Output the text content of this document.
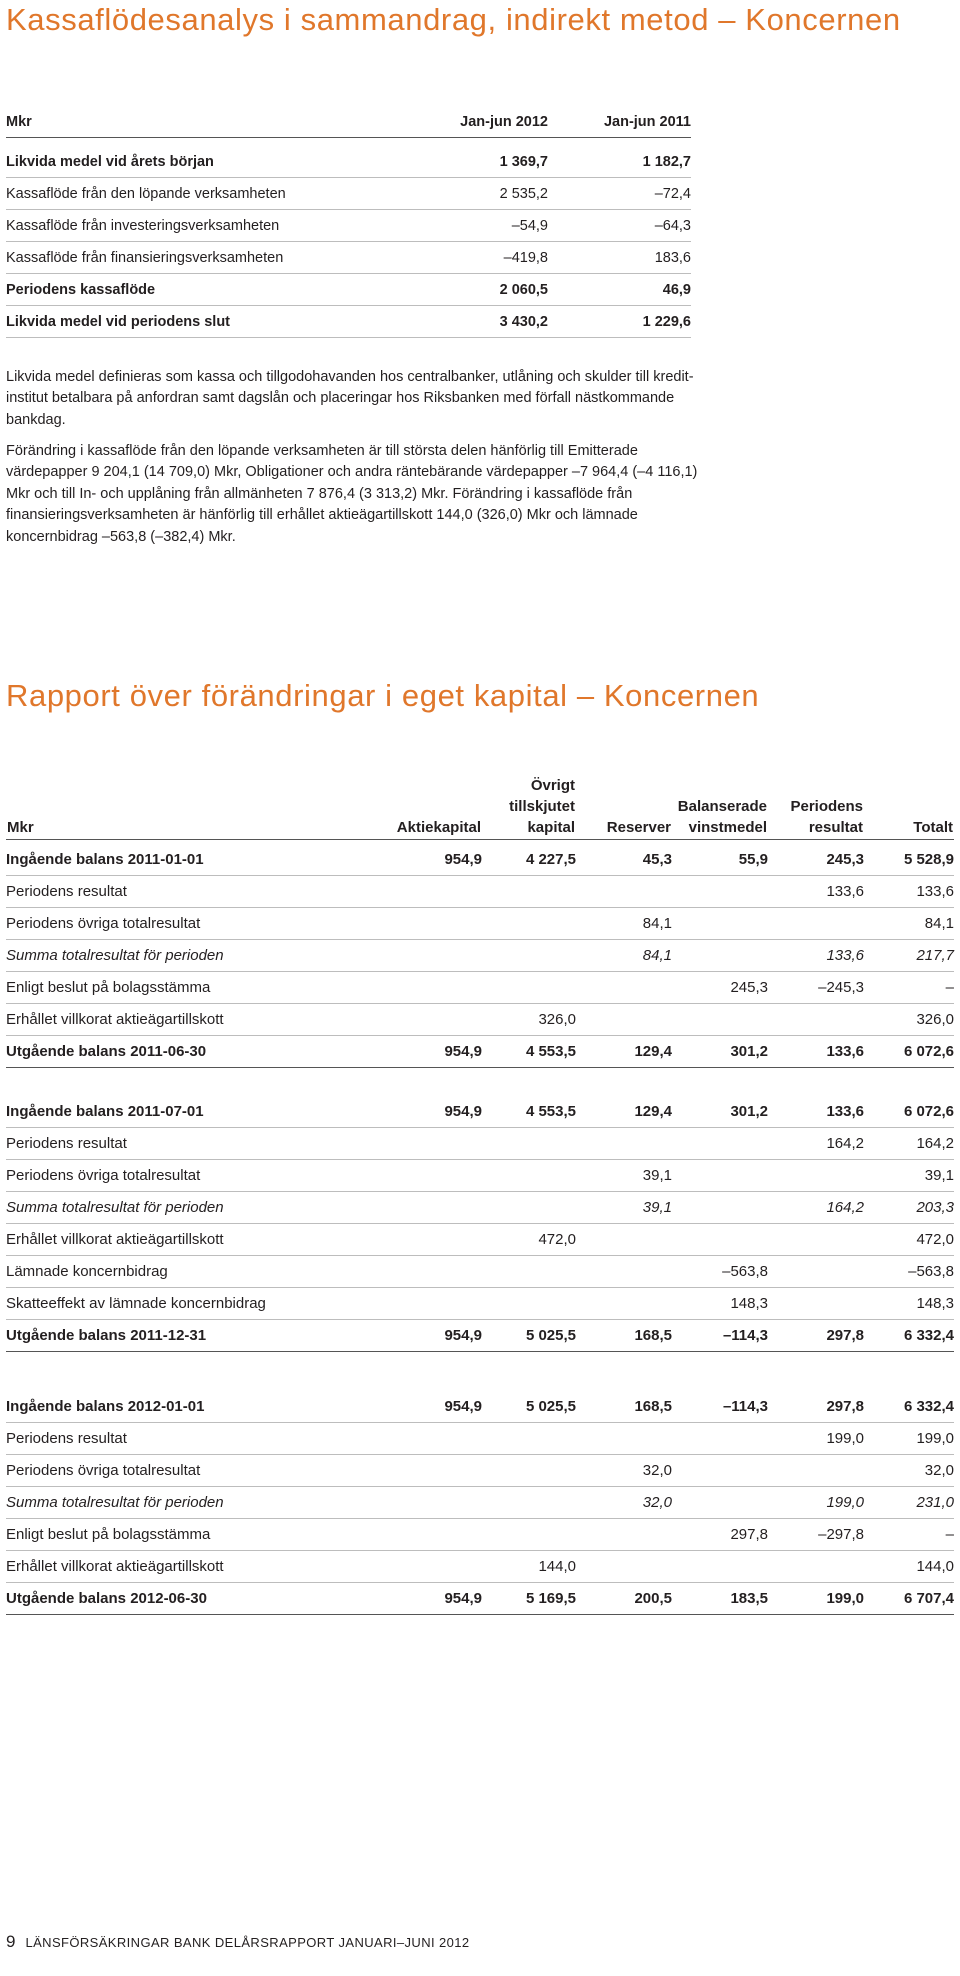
Kassaflödesanalys i sammandrag, indirekt metod – Koncernen
Mkr	Jan-jun 2012	Jan-jun 2011
Likvida medel vid årets början	1 369,7	1 182,7
Kassaflöde från den löpande verksamheten	2 535,2	–72,4
Kassaflöde från investeringsverksamheten	–54,9	–64,3
Kassaflöde från finansieringsverksamheten	–419,8	183,6
Periodens kassaflöde	2 060,5	46,9
Likvida medel vid periodens slut	3 430,2	1 229,6

Likvida medel definieras som kassa och tillgodohavanden hos centralbanker, utlåning och skulder till kreditinstitut betalbara på anfordran samt dagslån och placeringar hos Riksbanken med förfall nästkommande bankdag.

Förändring i kassaflöde från den löpande verksamheten är till största delen hänförlig till Emitterade värdepapper 9 204,1 (14 709,0) Mkr, Obligationer och andra räntebärande värdepapper –7 964,4 (–4 116,1) Mkr och till In- och upplåning från allmänheten 7 876,4 (3 313,2) Mkr. Förändring i kassaflöde från finansieringsverksamheten är hänförlig till erhållet aktieägartillskott 144,0 (326,0) Mkr och lämnade koncernbidrag –563,8 (–382,4) Mkr.

Rapport över förändringar i eget kapital – Koncernen
Mkr	Aktiekapital	Övrigt tillskjutet kapital	Reserver	Balanserade vinstmedel	Periodens resultat	Totalt
Ingående balans 2011-01-01	954,9	4 227,5	45,3	55,9	245,3	5 528,9
Periodens resultat					133,6	133,6
Periodens övriga totalresultat			84,1			84,1
Summa totalresultat för perioden			84,1		133,6	217,7
Enligt beslut på bolagsstämma				245,3	–245,3	–
Erhållet villkorat aktieägartillskott		326,0				326,0
Utgående balans 2011-06-30	954,9	4 553,5	129,4	301,2	133,6	6 072,6
Ingående balans 2011-07-01	954,9	4 553,5	129,4	301,2	133,6	6 072,6
Periodens resultat					164,2	164,2
Periodens övriga totalresultat			39,1			39,1
Summa totalresultat för perioden			39,1		164,2	203,3
Erhållet villkorat aktieägartillskott		472,0				472,0
Lämnade koncernbidrag				–563,8		–563,8
Skatteeffekt av lämnade koncernbidrag				148,3		148,3
Utgående balans 2011-12-31	954,9	5 025,5	168,5	–114,3	297,8	6 332,4
Ingående balans 2012-01-01	954,9	5 025,5	168,5	–114,3	297,8	6 332,4
Periodens resultat					199,0	199,0
Periodens övriga totalresultat			32,0			32,0
Summa totalresultat för perioden			32,0		199,0	231,0
Enligt beslut på bolagsstämma				297,8	–297,8	–
Erhållet villkorat aktieägartillskott		144,0				144,0
Utgående balans 2012-06-30	954,9	5 169,5	200,5	183,5	199,0	6 707,4
9 LÄNSFÖRSÄKRINGAR BANK DELÅRSRAPPORT JANUARI–JUNI 2012
